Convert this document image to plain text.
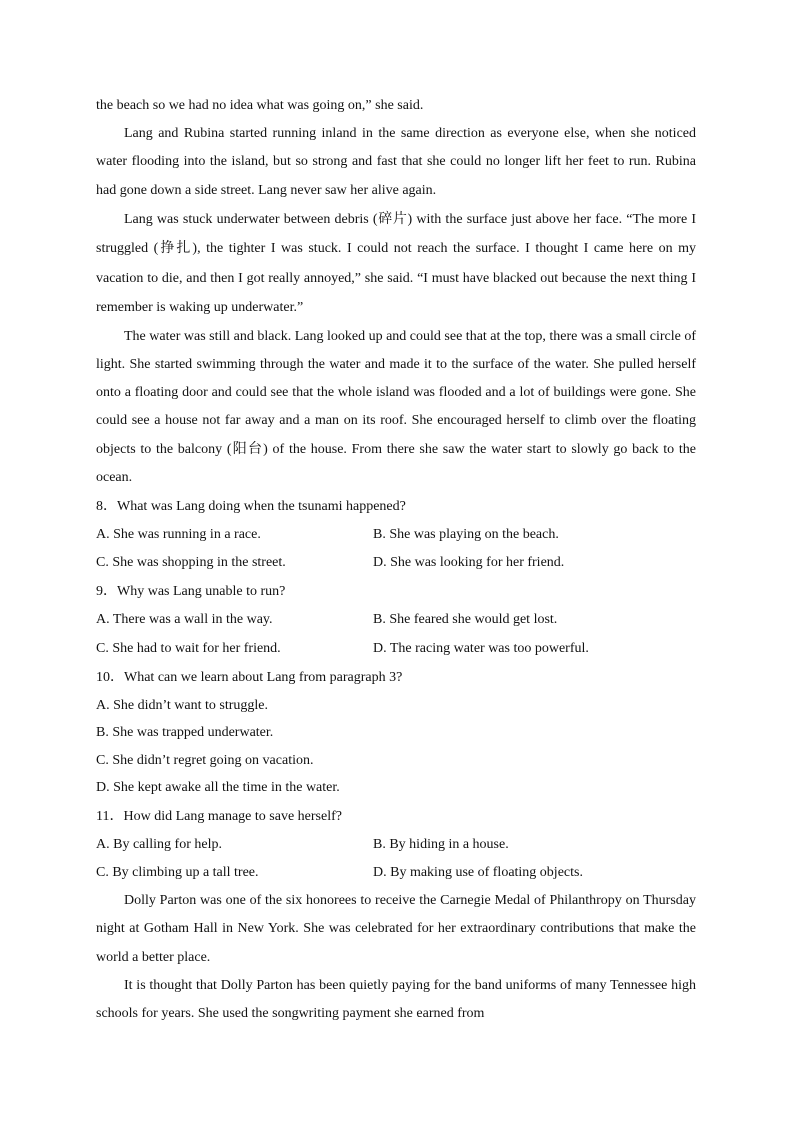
the beach so we had no idea what was going on,” she said.

Lang and Rubina started running inland in the same direction as everyone else, when she noticed water flooding into the island, but so strong and fast that she could no longer lift her feet to run. Rubina had gone down a side street. Lang never saw her alive again.

Lang was stuck underwater between debris (碎片) with the surface just above her face. “The more I struggled (挣扎), the tighter I was stuck. I could not reach the surface. I thought I came here on my vacation to die, and then I got really annoyed,” she said. “I must have blacked out because the next thing I remember is waking up underwater.”

The water was still and black. Lang looked up and could see that at the top, there was a small circle of light. She started swimming through the water and made it to the surface of the water. She pulled herself onto a floating door and could see that the whole island was flooded and a lot of buildings were gone. She could see a house not far away and a man on its roof. She encouraged herself to climb over the floating objects to the balcony (阳台) of the house. From there she saw the water start to slowly go back to the ocean.

8．What was Lang doing when the tsunami happened?

A. She was running in a race.	B. She was playing on the beach.
C. She was shopping in the street.	D. She was looking for her friend.

9．Why was Lang unable to run?

A. There was a wall in the way.	B. She feared she would get lost.
C. She had to wait for her friend.	D. The racing water was too powerful.

10．What can we learn about Lang from paragraph 3?

A. She didn’t want to struggle.
B. She was trapped underwater.
C. She didn’t regret going on vacation.
D. She kept awake all the time in the water.

11．How did Lang manage to save herself?

A. By calling for help.	B. By hiding in a house.
C. By climbing up a tall tree.	D. By making use of floating objects.

Dolly Parton was one of the six honorees to receive the Carnegie Medal of Philanthropy on Thursday night at Gotham Hall in New York. She was celebrated for her extraordinary contributions that make the world a better place.

It is thought that Dolly Parton has been quietly paying for the band uniforms of many Tennessee high schools for years. She used the songwriting payment she earned from
